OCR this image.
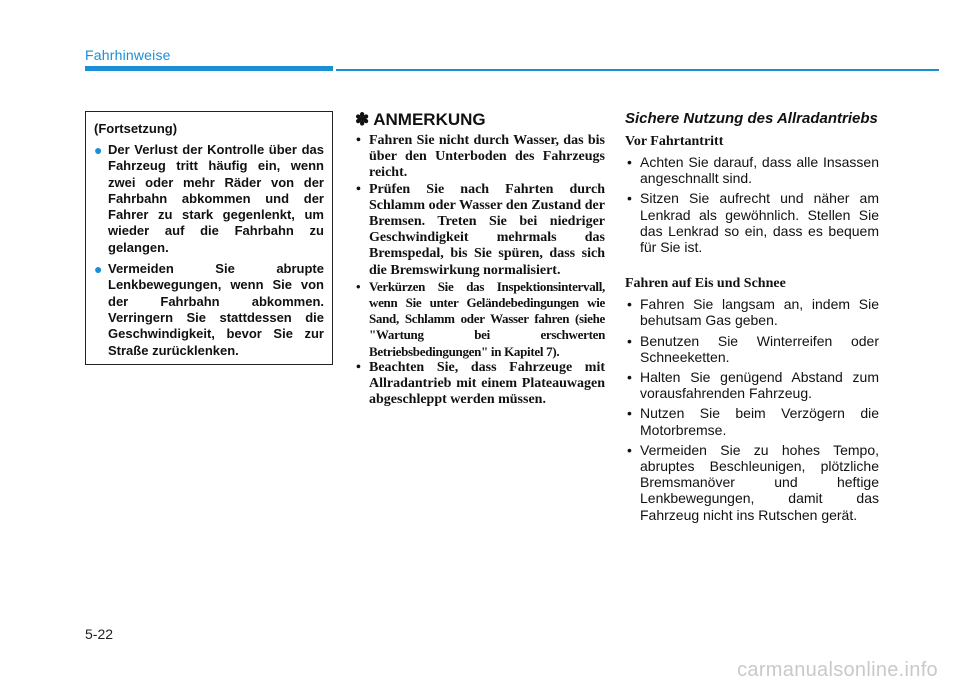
Fahrhinweise
(Fortsetzung)
● Der Verlust der Kontrolle über das Fahrzeug tritt häufig ein, wenn zwei oder mehr Räder von der Fahrbahn abkommen und der Fahrer zu stark gegenlenkt, um wieder auf die Fahrbahn zu gelangen.
● Vermeiden Sie abrupte Lenkbewegungen, wenn Sie von der Fahrbahn abkommen. Verringern Sie stattdessen die Geschwindigkeit, bevor Sie zur Straße zurücklenken.
✽ ANMERKUNG
• Fahren Sie nicht durch Wasser, das bis über den Unterboden des Fahrzeugs reicht.
• Prüfen Sie nach Fahrten durch Schlamm oder Wasser den Zustand der Bremsen. Treten Sie bei niedriger Geschwindigkeit mehrmals das Bremspedal, bis Sie spüren, dass sich die Bremswirkung normalisiert.
• Verkürzen Sie das Inspektionsintervall, wenn Sie unter Geländebedingungen wie Sand, Schlamm oder Wasser fahren (siehe "Wartung bei erschwerten Betriebsbedingungen" in Kapitel 7).
• Beachten Sie, dass Fahrzeuge mit Allradantrieb mit einem Plateauwagen abgeschleppt werden müssen.
Sichere Nutzung des Allradantriebs
Vor Fahrtantritt
• Achten Sie darauf, dass alle Insassen angeschnallt sind.
• Sitzen Sie aufrecht und näher am Lenkrad als gewöhnlich. Stellen Sie das Lenkrad so ein, dass es bequem für Sie ist.
Fahren auf Eis und Schnee
• Fahren Sie langsam an, indem Sie behutsam Gas geben.
• Benutzen Sie Winterreifen oder Schneeketten.
• Halten Sie genügend Abstand zum vorausfahrenden Fahrzeug.
• Nutzen Sie beim Verzögern die Motorbremse.
• Vermeiden Sie zu hohes Tempo, abruptes Beschleunigen, plötzliche Bremsmanöver und heftige Lenkbewegungen, damit das Fahrzeug nicht ins Rutschen gerät.
5-22
carmanualsonline.info
